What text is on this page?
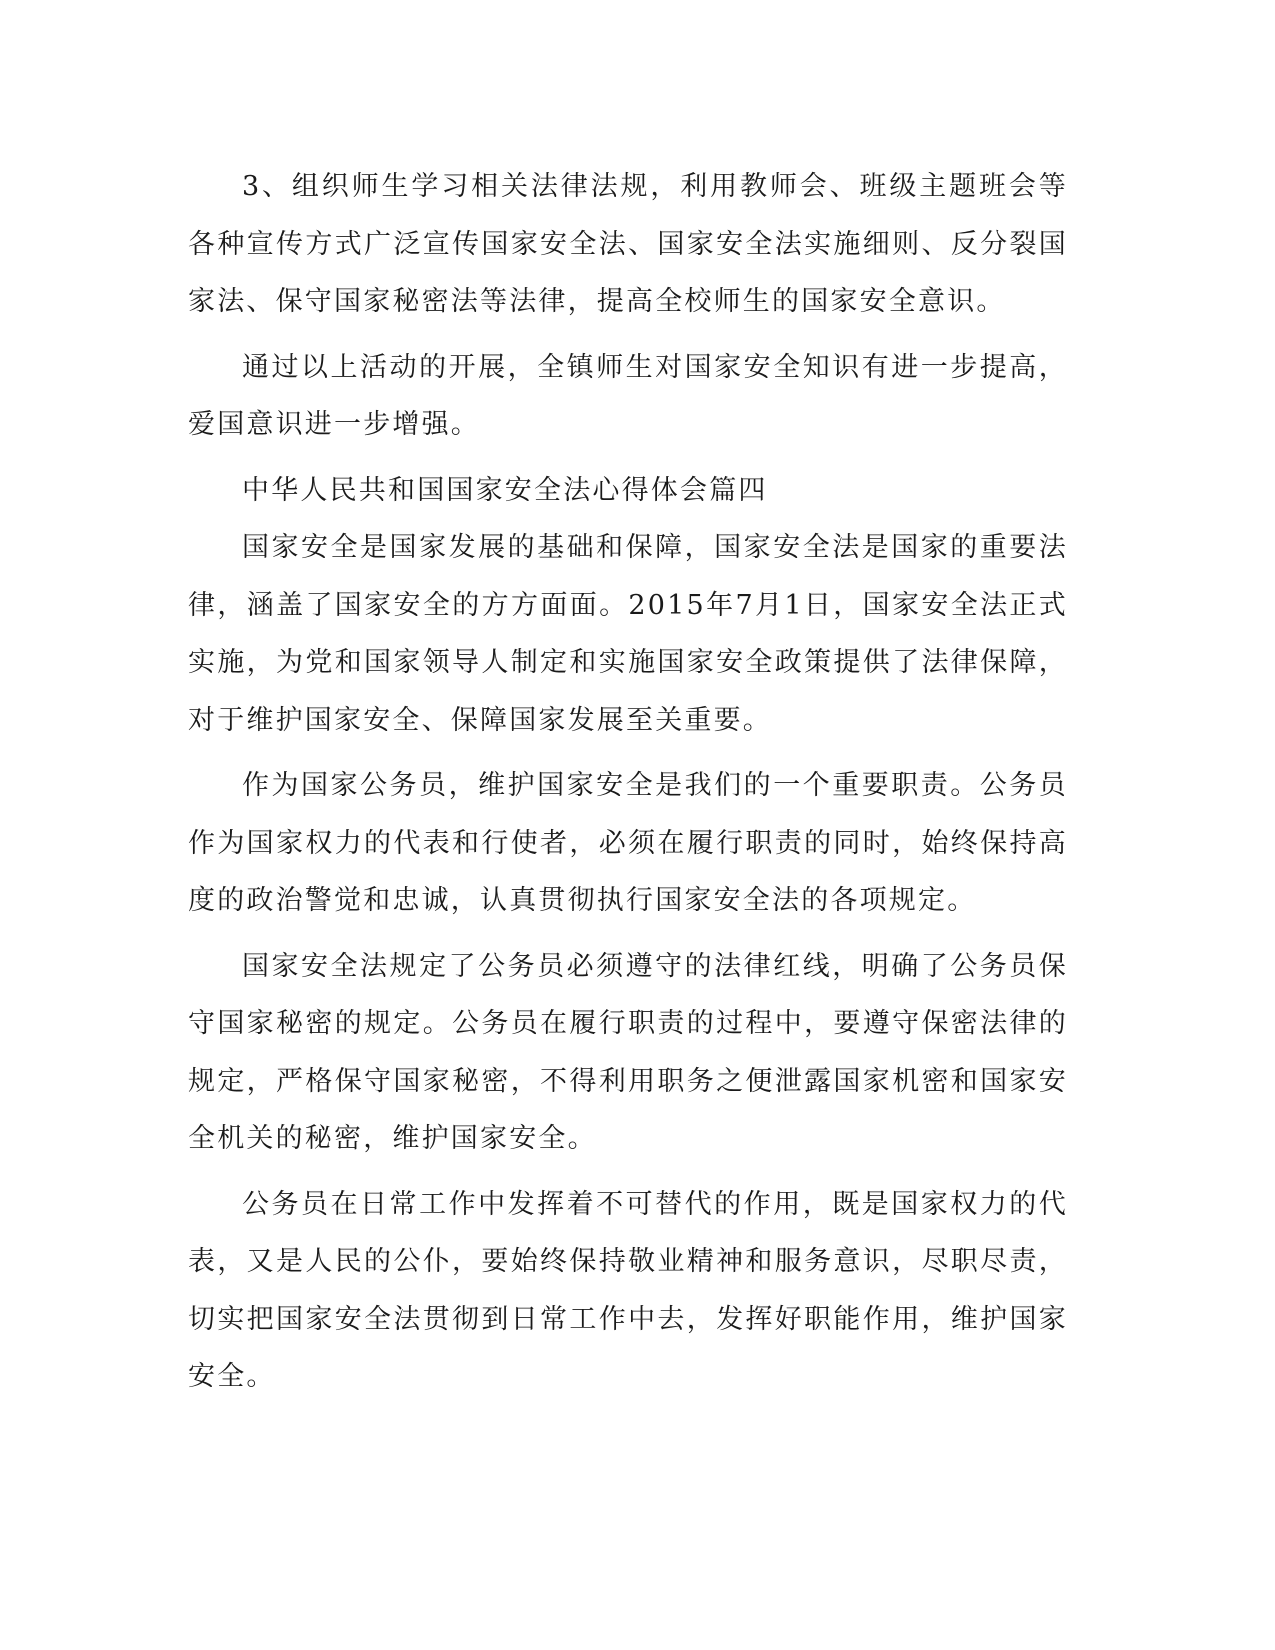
3、组织师生学习相关法律法规，利用教师会、班级主题班会等各种宣传方式广泛宣传国家安全法、国家安全法实施细则、反分裂国家法、保守国家秘密法等法律，提高全校师生的国家安全意识。

通过以上活动的开展，全镇师生对国家安全知识有进一步提高，爱国意识进一步增强。

中华人民共和国国家安全法心得体会篇四

国家安全是国家发展的基础和保障，国家安全法是国家的重要法律，涵盖了国家安全的方方面面。2015年7月1日，国家安全法正式实施，为党和国家领导人制定和实施国家安全政策提供了法律保障，对于维护国家安全、保障国家发展至关重要。

作为国家公务员，维护国家安全是我们的一个重要职责。公务员作为国家权力的代表和行使者，必须在履行职责的同时，始终保持高度的政治警觉和忠诚，认真贯彻执行国家安全法的各项规定。

国家安全法规定了公务员必须遵守的法律红线，明确了公务员保守国家秘密的规定。公务员在履行职责的过程中，要遵守保密法律的规定，严格保守国家秘密，不得利用职务之便泄露国家机密和国家安全机关的秘密，维护国家安全。

公务员在日常工作中发挥着不可替代的作用，既是国家权力的代表，又是人民的公仆，要始终保持敬业精神和服务意识，尽职尽责，切实把国家安全法贯彻到日常工作中去，发挥好职能作用，维护国家安全。
